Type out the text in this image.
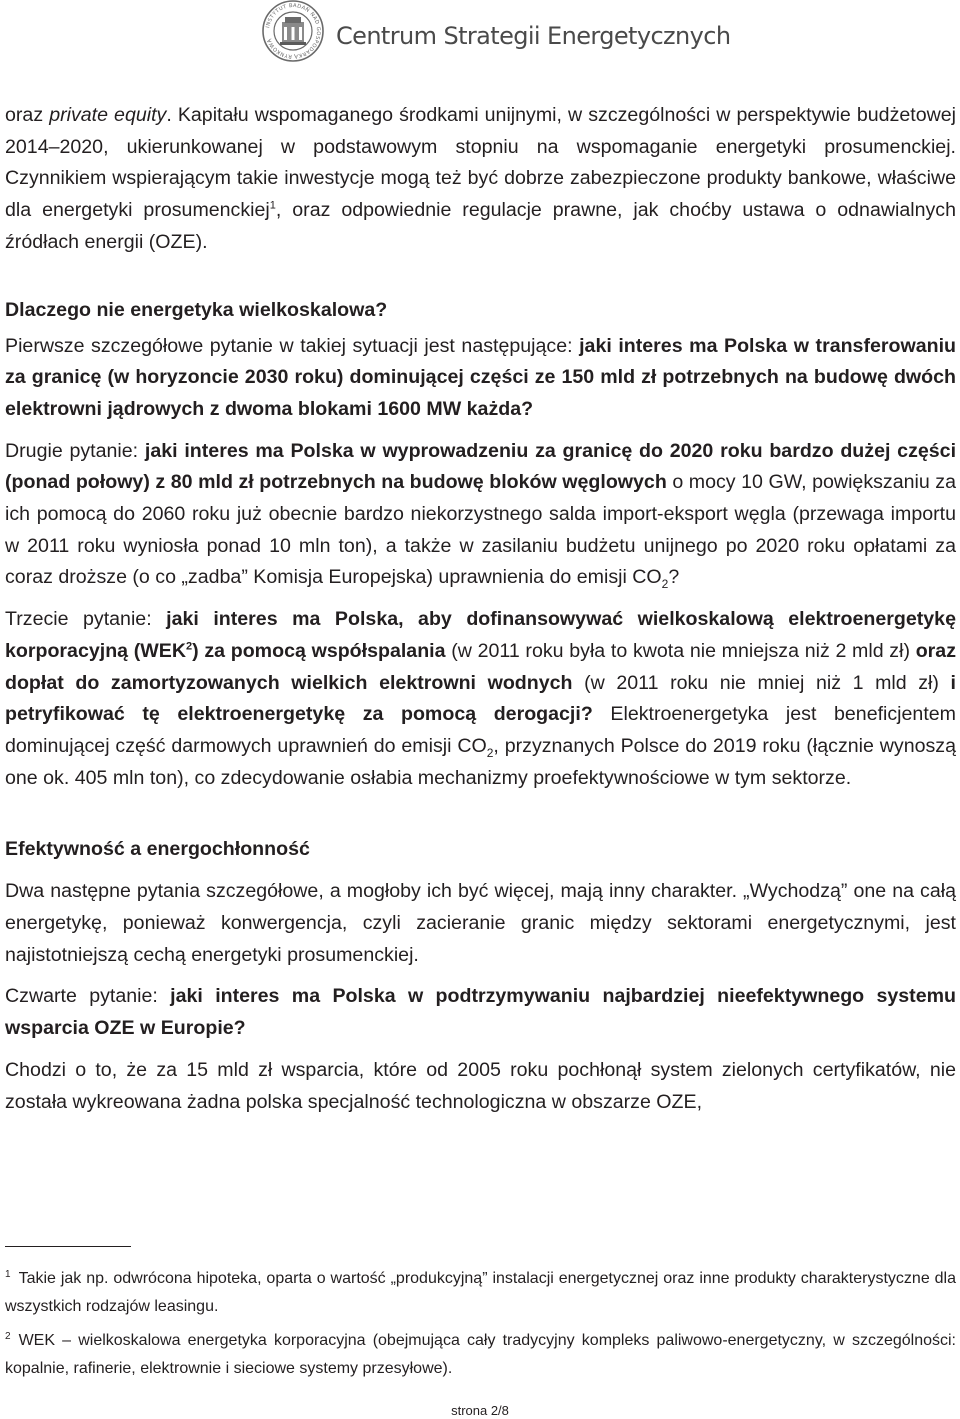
INSTYTUT BADAŃ NAD GOSPODARKĄ RYNKOWĄ	Centrum Strategii Energetycznych

oraz private equity. Kapitału wspomaganego środkami unijnymi, w szczególności w perspektywie budżetowej 2014–2020, ukierunkowanej w podstawowym stopniu na wspomaganie energetyki prosumenckiej. Czynnikiem wspierającym takie inwestycje mogą też być dobrze zabezpieczone produkty bankowe, właściwe dla energetyki prosumenckiej$^1$, oraz odpowiednie regulacje prawne, jak choćby ustawa o odnawialnych źródłach energii (OZE).

Dlaczego nie energetyka wielkoskalowa?

Pierwsze szczegółowe pytanie w takiej sytuacji jest następujące: jaki interes ma Polska w transferowaniu za granicę (w horyzoncie 2030 roku) dominującej części ze 150 mld zł potrzebnych na budowę dwóch elektrowni jądrowych z dwoma blokami 1600 MW każda?

Drugie pytanie: jaki interes ma Polska w wyprowadzeniu za granicę do 2020 roku bardzo dużej części (ponad połowy) z 80 mld zł potrzebnych na budowę bloków węglowych o mocy 10 GW, powiększaniu za ich pomocą do 2060 roku już obecnie bardzo niekorzystnego salda import-eksport węgla (przewaga importu w 2011 roku wyniosła ponad 10 mln ton), a także w zasilaniu budżetu unijnego po 2020 roku opłatami za coraz droższe (o co „zadba” Komisja Europejska) uprawnienia do emisji $CO_2$?

Trzecie pytanie: jaki interes ma Polska, aby dofinansowywać wielkoskalową elektroenergetykę korporacyjną (WEK$^2$) za pomocą współspalania (w 2011 roku była to kwota nie mniejsza niż 2 mld zł) oraz dopłat do zamortyzowanych wielkich elektrowni wodnych (w 2011 roku nie mniej niż 1 mld zł) i petryfikować tę elektroenergetykę za pomocą derogacji? Elektroenergetyka jest beneficjentem dominującej część darmowych uprawnień do emisji $CO_2$, przyznanych Polsce do 2019 roku (łącznie wynoszą one ok. 405 mln ton), co zdecydowanie osłabia mechanizmy proefektywnościowe w tym sektorze.

Efektywność a energochłonność

Dwa następne pytania szczegółowe, a mogłoby ich być więcej, mają inny charakter. „Wychodzą” one na całą energetykę, ponieważ konwergencja, czyli zacieranie granic między sektorami energetycznymi, jest najistotniejszą cechą energetyki prosumenckiej.

Czwarte pytanie: jaki interes ma Polska w podtrzymywaniu najbardziej nieefektywnego systemu wsparcia OZE w Europie?

Chodzi o to, że za 15 mld zł wsparcia, które od 2005 roku pochłonął system zielonych certyfikatów, nie została wykreowana żadna polska specjalność technologiczna w obszarze OZE,

$^1$ Takie jak np. odwrócona hipoteka, oparta o wartość „produkcyjną” instalacji energetycznej oraz inne produkty charakterystyczne dla wszystkich rodzajów leasingu.

$^2$ WEK – wielkoskalowa energetyka korporacyjna (obejmująca cały tradycyjny kompleks paliwowo-energetyczny, w szczególności: kopalnie, rafinerie, elektrownie i sieciowe systemy przesyłowe).

strona 2/8
